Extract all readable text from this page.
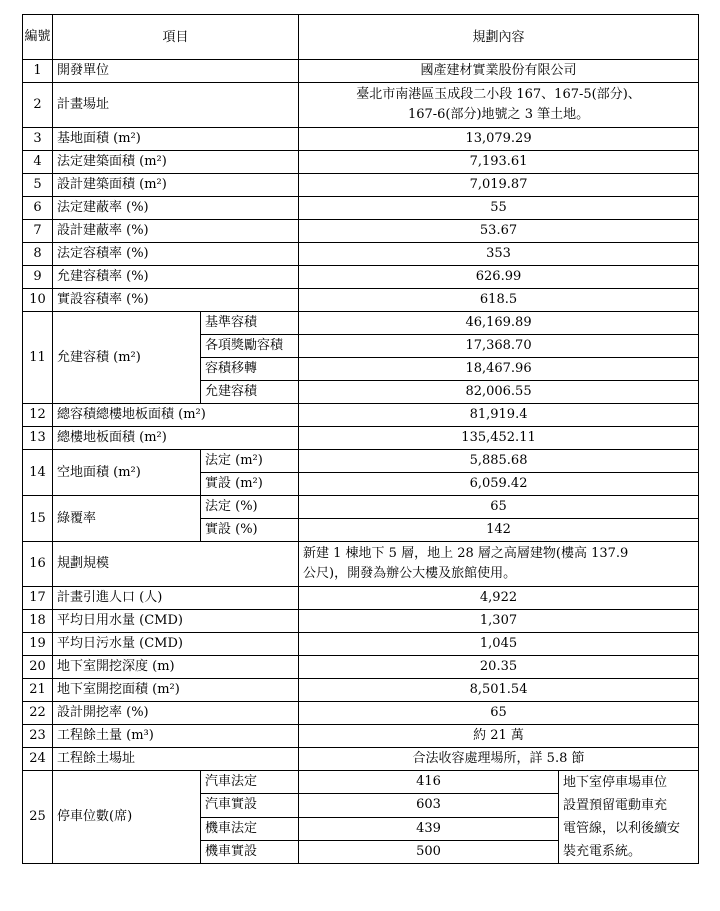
編號	項目		規劃內容	
1	開發單位		國產建材實業股份有限公司	
2	計畫場址		臺北市南港區玉成段二小段 167、167-5(部分)、
167-6(部分)地號之 3 筆土地。	

3	基地面積 (m²)		13,079.29	
4	法定建築面積 (m²)		7,193.61	
5	設計建築面積 (m²)		7,019.87	
6	法定建蔽率 (%)		55	
7	設計建蔽率 (%)		53.67	
8	法定容積率 (%)		353	
9	允建容積率 (%)		626.99	
10	實設容積率 (%)		618.5	
11	允建容積 (m²)	基準容積	46,169.89	
		各項獎勵容積	17,368.70	
		容積移轉	18,467.96	
		允建容積	82,006.55	
12	總容積總樓地板面積 (m²)		81,919.4	
13	總樓地板面積 (m²)		135,452.11	
14	空地面積 (m²)	法定 (m²)	5,885.68	
		實設 (m²)	6,059.42	
15	綠覆率	法定 (%)	65	
		實設 (%)	142	
16	規劃規模		新建 1 棟地下 5 層，地上 28 層之高層建物(樓高 137.9
公尺)，開發為辦公大樓及旅館使用。	

17	計畫引進人口 (人)		4,922	
18	平均日用水量 (CMD)		1,307	
19	平均日污水量 (CMD)		1,045	
20	地下室開挖深度 (m)		20.35	
21	地下室開挖面積 (m²)		8,501.54	
22	設計開挖率 (%)		65	
23	工程餘土量 (m³)		約 21 萬	
24	工程餘土場址		合法收容處理場所，詳 5.8 節	
25	停車位數(席)	汽車法定	416	地下室停車場車位
設置預留電動車充
電管線，以利後續安
裝充電系統。

		汽車實設	603	
		機車法定	439	
		機車實設	500	
